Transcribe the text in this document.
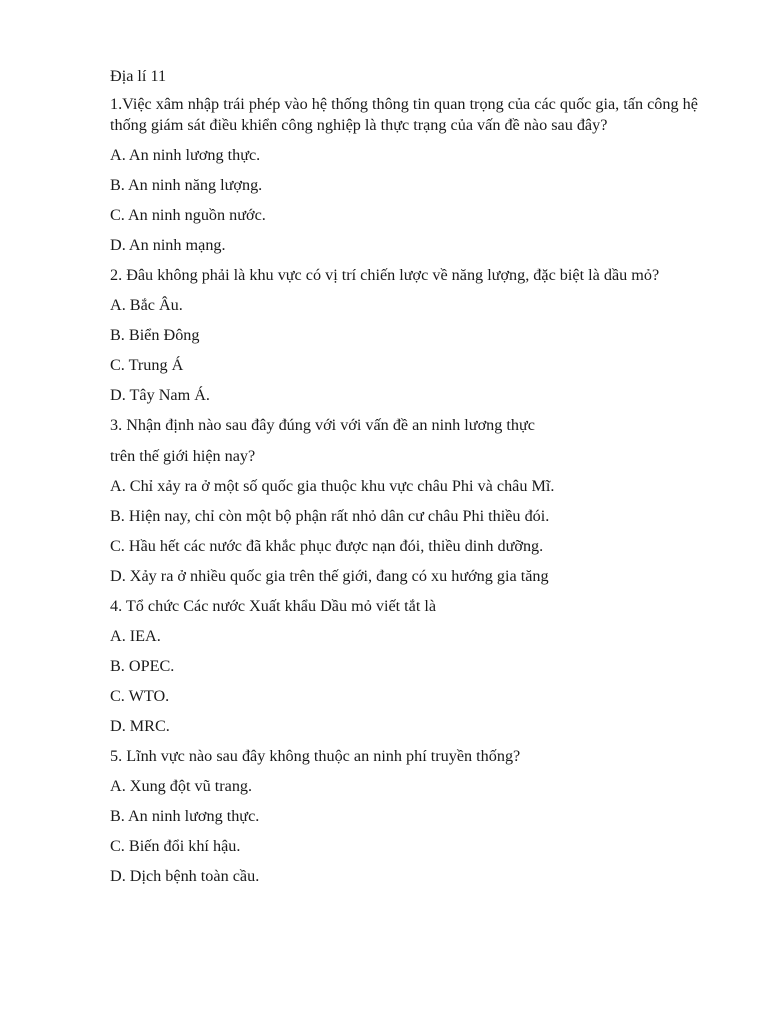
Địa lí 11
1.Việc xâm nhập trái phép vào hệ thống thông tin quan trọng của các quốc gia, tấn công hệ thống giám sát điều khiển công nghiệp là thực trạng của vấn đề nào sau đây?
A. An ninh lương thực.
B. An ninh năng lượng.
C. An ninh nguồn nước.
D. An ninh mạng.
2. Đâu không phải là khu vực có vị trí chiến lược về năng lượng, đặc biệt là dầu mỏ?
A. Bắc Âu.
B. Biển Đông
C. Trung Á
D. Tây Nam Á.
3. Nhận định nào sau đây đúng với với vấn đề an ninh lương thực
trên thế giới hiện nay?
A. Chỉ xảy ra ở một số quốc gia thuộc khu vực châu Phi và châu Mĩ.
B. Hiện nay, chỉ còn một bộ phận rất nhỏ dân cư châu Phi thiều đói.
C. Hầu hết các nước đã khắc phục được nạn đói, thiều dinh dưỡng.
D. Xảy ra ở nhiều quốc gia trên thế giới, đang có xu hướng gia tăng
4. Tổ chức Các nước Xuất khẩu Dầu mỏ viết tắt là
A. IEA.
B. OPEC.
C. WTO.
D. MRC.
5. Lĩnh vực nào sau đây không thuộc an ninh phí truyền thống?
A. Xung đột vũ trang.
B. An ninh lương thực.
C. Biến đổi khí hậu.
D. Dịch bệnh toàn cầu.
